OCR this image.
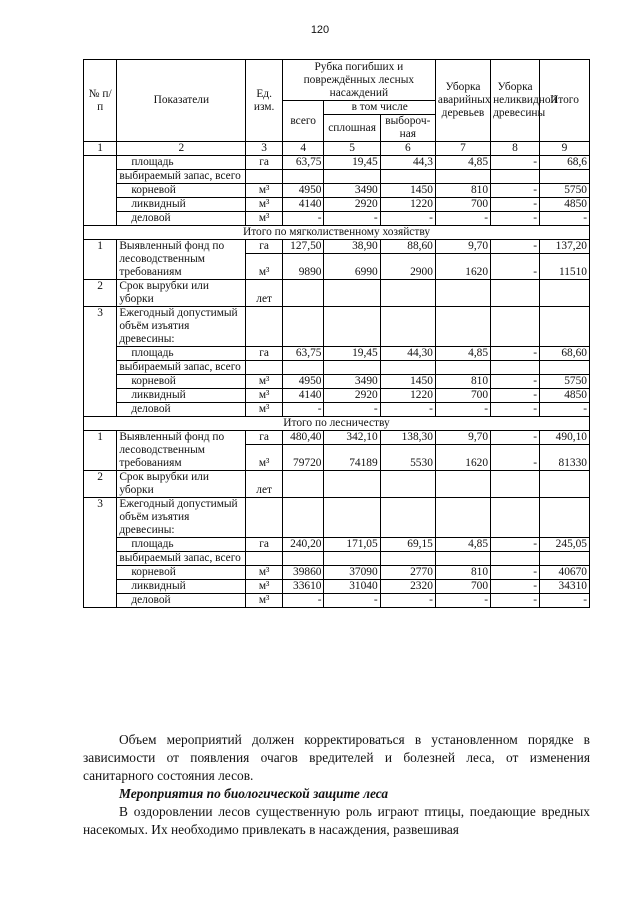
120
№ п/п	Показатели	Ед. изм.	Рубка погибших и повреждённых лесных насаждений			Уборка аварийных деревьев	Уборка неликвидной древесины	Итого
			всего	в том числе				
				сплошная	выбороч-ная			
1	2	3	4	5	6	7	8	9
	площадь	га	63,75	19,45	44,3	4,85	-	68,6
	выбираемый запас, всего							
	корневой	м³	4950	3490	1450	810	-	5750
	ликвидный	м³	4140	2920	1220	700	-	4850
	деловой	м³	-	-	-	-	-	-
Итого по мягколиственному хозяйству								
1	Выявленный фонд по лесоводственным требованиям	га	127,50	38,90	88,60	9,70	-	137,20
		м³	9890	6990	2900	1620	-	11510

2	Срок вырубки или уборки	лет						
3	Ежегодный допустимый объём изъятия древесины:							
	площадь	га	63,75	19,45	44,30	4,85	-	68,60
	выбираемый запас, всего							
	корневой	м³	4950	3490	1450	810	-	5750
	ликвидный	м³	4140	2920	1220	700	-	4850
	деловой	м³	-	-	-	-	-	-
Итого по лесничеству								
1	Выявленный фонд по лесоводственным требованиям	га	480,40	342,10	138,30	9,70	-	490,10
		м³	79720	74189	5530	1620	-	81330

2	Срок вырубки или уборки	лет						
3	Ежегодный допустимый объём изъятия древесины:							
	площадь	га	240,20	171,05	69,15	4,85	-	245,05
	выбираемый запас, всего							
	корневой	м³	39860	37090	2770	810	-	40670
	ликвидный	м³	33610	31040	2320	700	-	34310
	деловой	м³	-	-	-	-	-	-

Объем мероприятий должен корректироваться в установленном порядке в зависимости от появления очагов вредителей и болезней леса, от изменения санитарного состояния лесов.

Мероприятия по биологической защите леса

В оздоровлении лесов существенную роль играют птицы, поедающие вредных насекомых. Их необходимо привлекать в насаждения, развешивая
